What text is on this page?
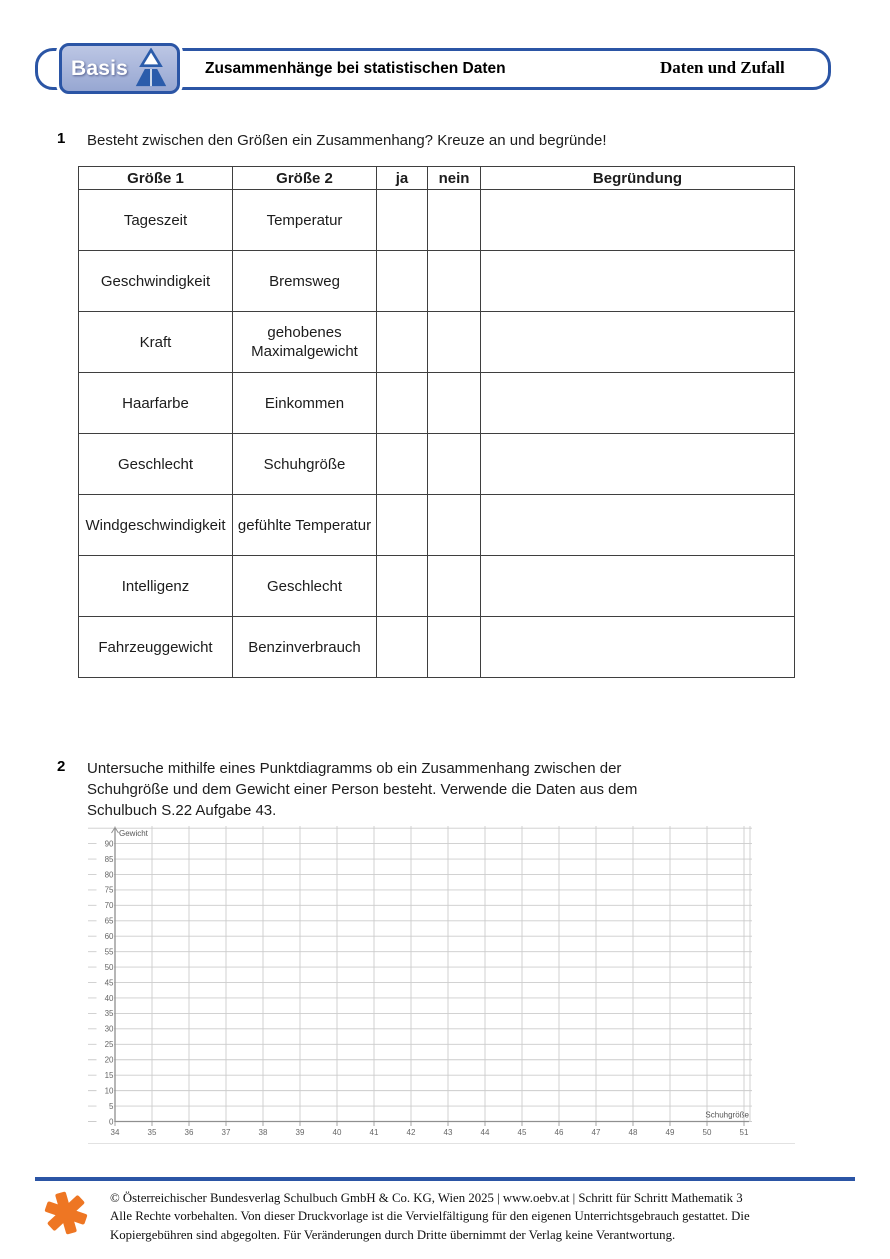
Basis	Zusammenhänge bei statistischen Daten	Daten und Zufall
1 Besteht zwischen den Größen ein Zusammenhang? Kreuze an und begründe!
Größe 1	Größe 2	ja	nein	Begründung
Tageszeit	Temperatur			
Geschwindigkeit	Bremsweg			
Kraft	gehobenes Maximalgewicht			
Haarfarbe	Einkommen			
Geschlecht	Schuhgröße			
Windgeschwindig​keit	gefühlte Temperatur			
Intelligenz	Geschlecht			
Fahrzeuggewicht	Benzinverbrauch			
2 Untersuche mithilfe eines Punktdiagramms ob ein Zusammenhang zwischen der
Schuhgröße und dem Gewicht einer Person besteht. Verwende die Daten aus dem
Schulbuch S.22 Aufgabe 43.
0
5
10
15
20
25
30
35
40
45
50
55
60
65
70
75
80
85
90
34	35	36	37	38	39	40	41	42	43	44	45	46	47	48	49	50	51
Gewicht
Schuhgröße
© Österreichischer Bundesverlag Schulbuch GmbH & Co. KG, Wien 2025 | www.oebv.at | Schritt für Schritt Mathematik 3
Alle Rechte vorbehalten. Von dieser Druckvorlage ist die Vervielfältigung für den eigenen Unterrichtsgebrauch gestattet. Die
Kopiergebühren sind abgegolten. Für Veränderungen durch Dritte übernimmt der Verlag keine Verantwortung.
